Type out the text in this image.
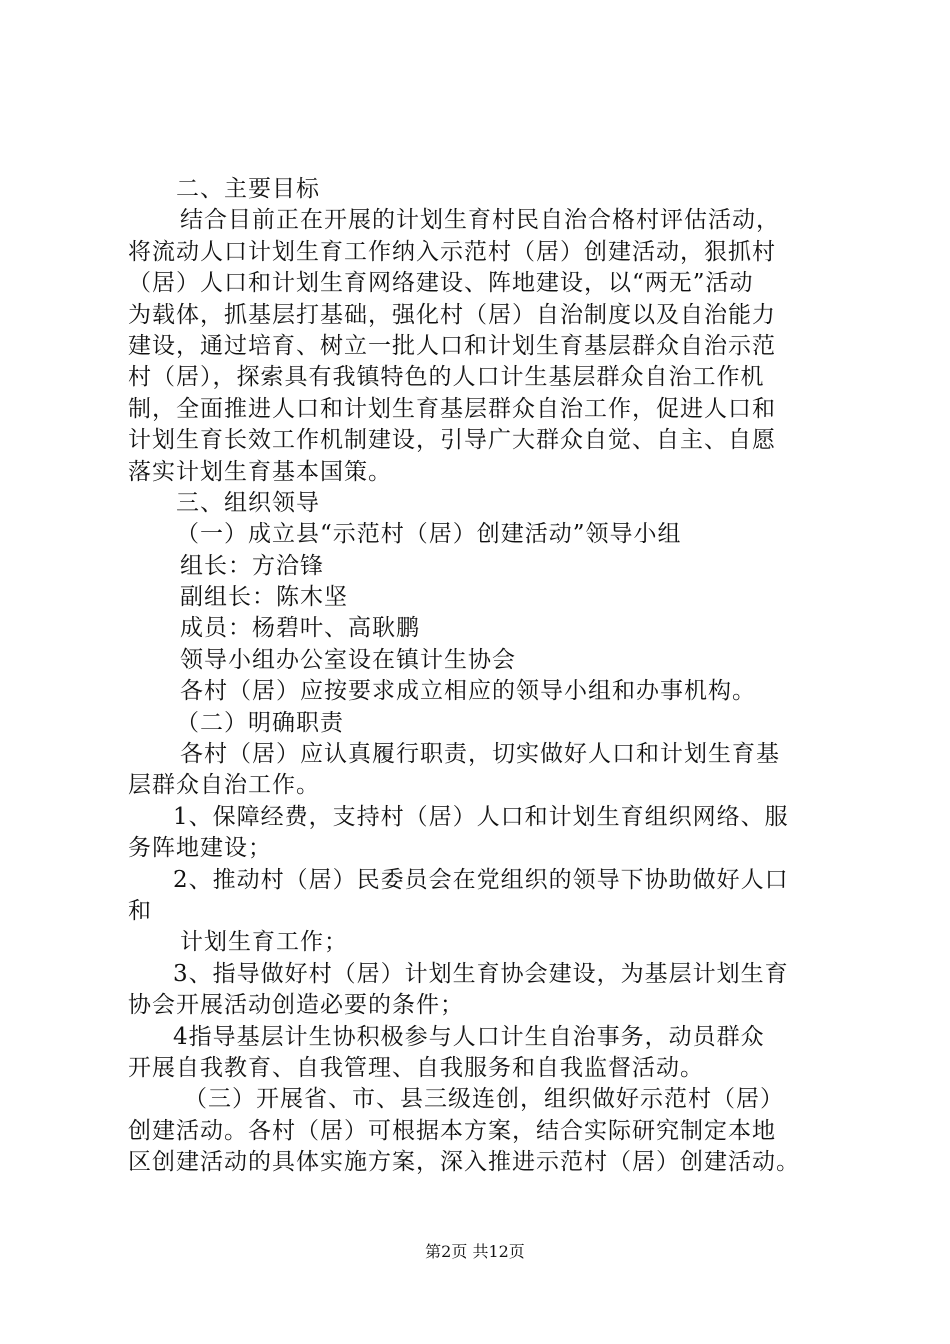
二、主要目标
结合目前正在开展的计划生育村民自治合格村评估活动，
将流动人口计划生育工作纳入示范村（居）创建活动，狠抓村
（居）人口和计划生育网络建设、阵地建设，以“两无”活动
为载体，抓基层打基础，强化村（居）自治制度以及自治能力
建设，通过培育、树立一批人口和计划生育基层群众自治示范
村（居），探索具有我镇特色的人口计生基层群众自治工作机
制，全面推进人口和计划生育基层群众自治工作，促进人口和
计划生育长效工作机制建设，引导广大群众自觉、自主、自愿
落实计划生育基本国策。
三、组织领导
（一）成立县“示范村（居）创建活动”领导小组
组长：方洽锋
副组长：陈木坚
成员：杨碧叶、高耿鹏
领导小组办公室设在镇计生协会
各村（居）应按要求成立相应的领导小组和办事机构。
（二）明确职责
各村（居）应认真履行职责，切实做好人口和计划生育基
层群众自治工作。
1、保障经费，支持村（居）人口和计划生育组织网络、服
务阵地建设；
2、推动村（居）民委员会在党组织的领导下协助做好人口
和
计划生育工作；
3、指导做好村（居）计划生育协会建设，为基层计划生育
协会开展活动创造必要的条件；
4指导基层计生协积极参与人口计生自治事务，动员群众
开展自我教育、自我管理、自我服务和自我监督活动。
（三）开展省、市、县三级连创，组织做好示范村（居）
创建活动。各村（居）可根据本方案，结合实际研究制定本地
区创建活动的具体实施方案，深入推进示范村（居）创建活动。
第2页 共12页
